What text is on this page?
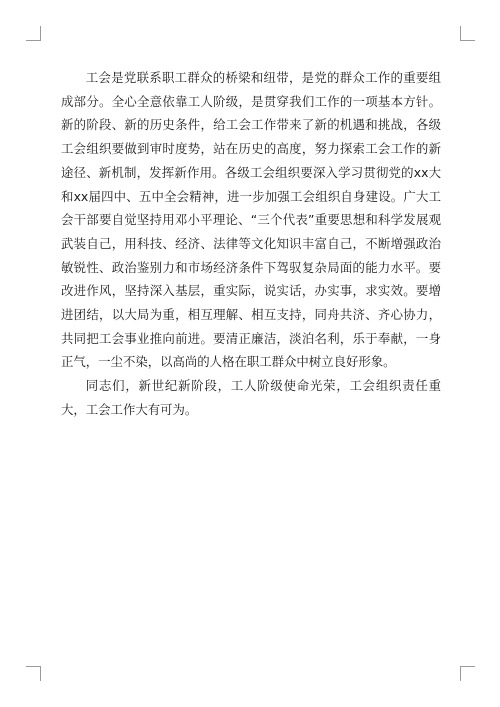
工会是党联系职工群众的桥梁和纽带，是党的群众工作的重要组成部分。全心全意依靠工人阶级，是贯穿我们工作的一项基本方针。新的阶段、新的历史条件，给工会工作带来了新的机遇和挑战，各级工会组织要做到审时度势，站在历史的高度，努力探索工会工作的新途径、新机制，发挥新作用。各级工会组织要深入学习贯彻党的xx大和xx届四中、五中全会精神，进一步加强工会组织自身建设。广大工会干部要自觉坚持用邓小平理论、“三个代表”重要思想和科学发展观武装自己，用科技、经济、法律等文化知识丰富自己，不断增强政治敏锐性、政治鉴别力和市场经济条件下驾驭复杂局面的能力水平。要改进作风，坚持深入基层，重实际，说实话，办实事，求实效。要增进团结，以大局为重，相互理解、相互支持，同舟共济、齐心协力，共同把工会事业推向前进。要清正廉洁，淡泊名利，乐于奉献，一身正气，一尘不染，以高尚的人格在职工群众中树立良好形象。

同志们，新世纪新阶段，工人阶级使命光荣，工会组织责任重大，工会工作大有可为。
